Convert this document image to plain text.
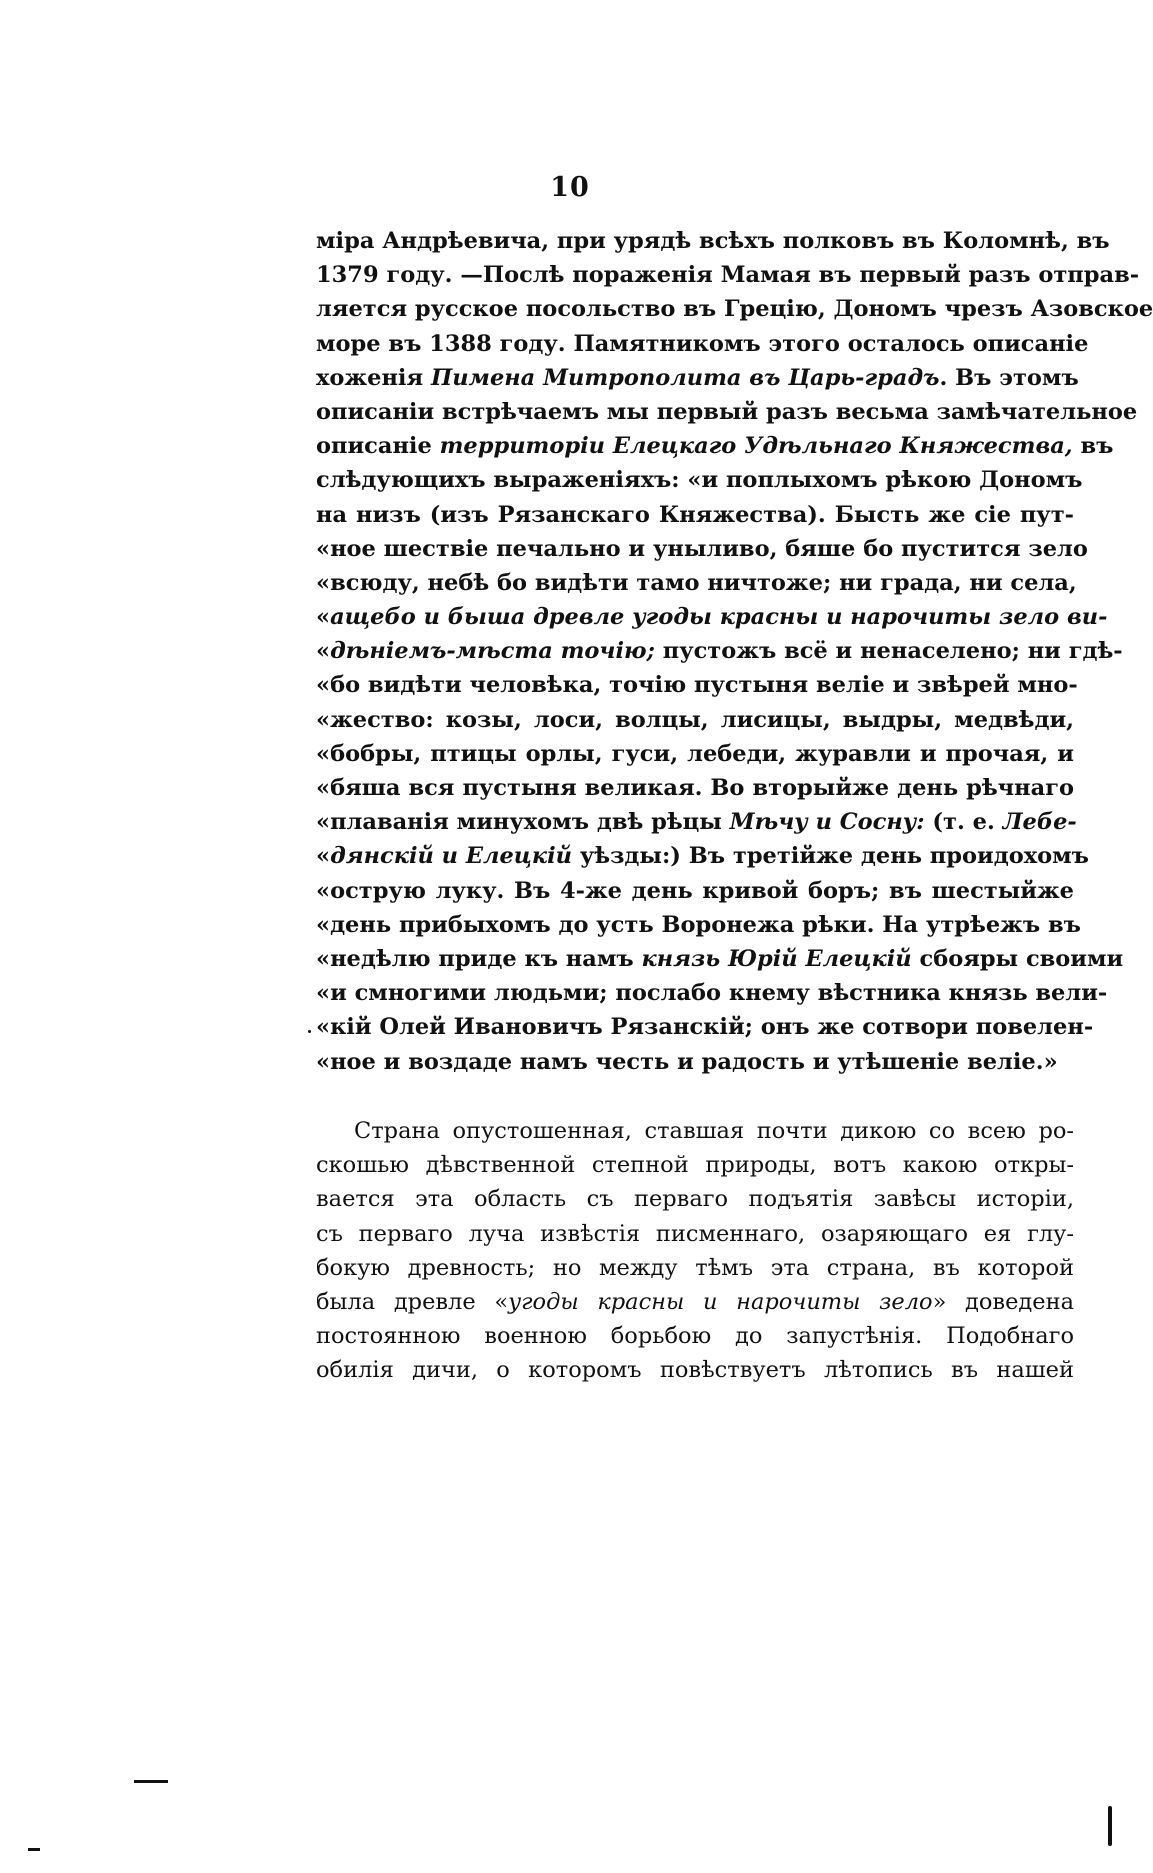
10
міра Андрѣевича, при урядѣ всѣхъ полковъ въ Коломнѣ, въ
1379 году. —Послѣ пораженія Мамая въ первый разъ отправ-
ляется русское посольство въ Грецію, Дономъ чрезъ Азовское
море въ 1388 году. Памятникомъ этого осталось описаніе
хоженія Пимена Митрополита въ Царь-градъ. Въ этомъ
описаніи встрѣчаемъ мы первый разъ весьма замѣчательное
описаніе территоріи Елецкаго Удѣльнаго Княжества, въ
слѣдующихъ выраженіяхъ: «и поплыхомъ рѣкою Дономъ
на низъ (изъ Рязанскаго Княжества). Бысть же сіе пут-
«ное шествіе печально и уныливо, бяше бо пустится зело
«всюду, небѣ бо видѣти тамо ничтоже; ни града, ни села,
«ащебо и быша древле угоды красны и нарочиты зело ви-
«дѣніемъ-мѣста точію; пустожъ всё и ненаселено; ни гдѣ-
«бо видѣти человѣка, точію пустыня веліе и звѣрей мно-
«жество: козы, лоси, волцы, лисицы, выдры, медвѣди,
«бобры, птицы орлы, гуси, лебеди, журавли и прочая, и
«бяша вся пустыня великая. Во вторыйже день рѣчнаго
«плаванія минухомъ двѣ рѣцы Мѣчу и Сосну: (т. е. Лебе-
«дянскій и Елецкій уѣзды:) Въ третійже день проидохомъ
«острую луку. Въ 4-же день кривой боръ; въ шестыйже
«день прибыхомъ до усть Воронежа рѣки. На утрѣежъ въ
«недѣлю приде къ намъ князь Юрій Елецкій сбояры своими
«и смногими людьми; послабо кнему вѣстника князь вели-
«кій Олей Ивановичъ Рязанскій; онъ же сотвори повелен-
«ное и воздаде намъ честь и радость и утѣшеніе веліе.»
Страна опустошенная, ставшая почти дикою со всею ро-
скошью дѣвственной степной природы, вотъ какою откры-
вается эта область съ перваго подъятія завѣсы исторіи,
съ перваго луча извѣстія писменнаго, озаряющаго ея глу-
бокую древность; но между тѣмъ эта страна, въ которой
была древле «угоды красны и нарочиты зело» доведена
постоянною военною борьбою до запустѣнія. Подобнаго
обилія дичи, о которомъ повѣствуетъ лѣтопись въ нашей
